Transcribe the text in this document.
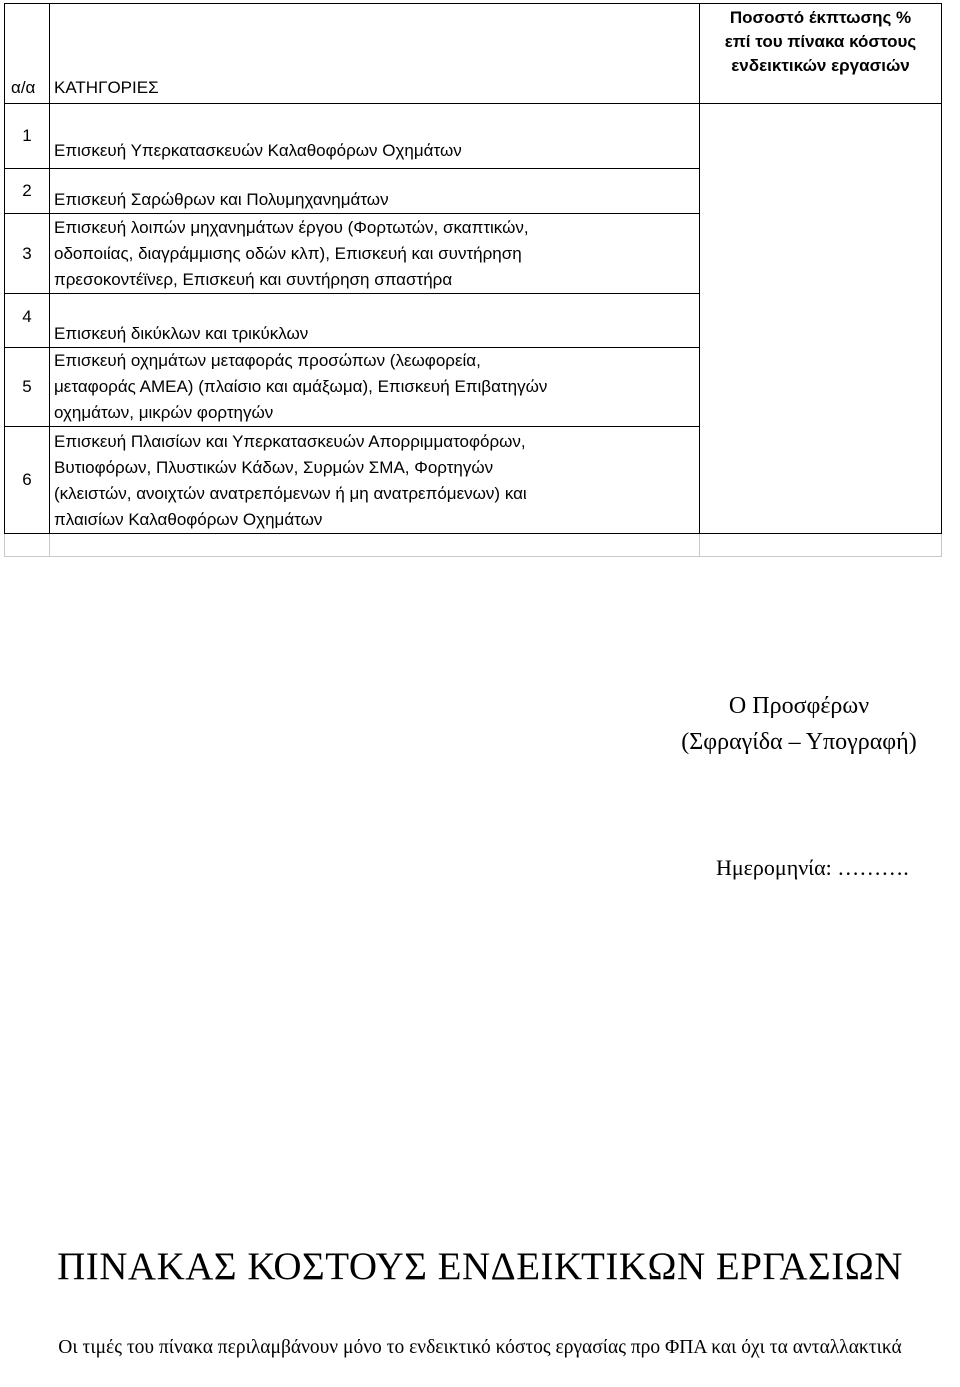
α/α	ΚΑΤΗΓΟΡΙΕΣ	Ποσοστό έκπτωσης %
επί του πίνακα κόστους
ενδεικτικών εργασιών

1	Επισκευή Υπερκατασκευών Καλαθοφόρων Οχημάτων	

2	Επισκευή Σαρώθρων και Πολυμηχανημάτων	

3	Επισκευή λοιπών μηχανημάτων έργου (Φορτωτών, σκαπτικών,
οδοποιίας, διαγράμμισης οδών κλπ), Επισκευή και συντήρηση
πρεσοκοντέϊνερ, Επισκευή και συντήρηση σπαστήρα	

4	Επισκευή δικύκλων και τρικύκλων	

5	Επισκευή οχημάτων μεταφοράς προσώπων (λεωφορεία,
μεταφοράς ΑΜΕΑ) (πλαίσιο και αμάξωμα), Επισκευή Επιβατηγών
οχημάτων, μικρών φορτηγών	

6	Επισκευή Πλαισίων και Υπερκατασκευών Απορριμματοφόρων,
Βυτιοφόρων, Πλυστικών Κάδων, Συρμών ΣΜΑ, Φορτηγών
(κλειστών, ανοιχτών ανατρεπόμενων ή μη ανατρεπόμενων) και
πλαισίων Καλαθοφόρων Οχημάτων	

Ο Προσφέρων
(Σφραγίδα – Υπογραφή)
Ημερομηνία: ……….
ΠΙΝΑΚΑΣ ΚΟΣΤΟΥΣ ΕΝΔΕΙΚΤΙΚΩΝ ΕΡΓΑΣΙΩΝ
Οι τιμές του πίνακα περιλαμβάνουν μόνο το ενδεικτικό κόστος εργασίας προ ΦΠΑ και όχι τα ανταλλακτικά
